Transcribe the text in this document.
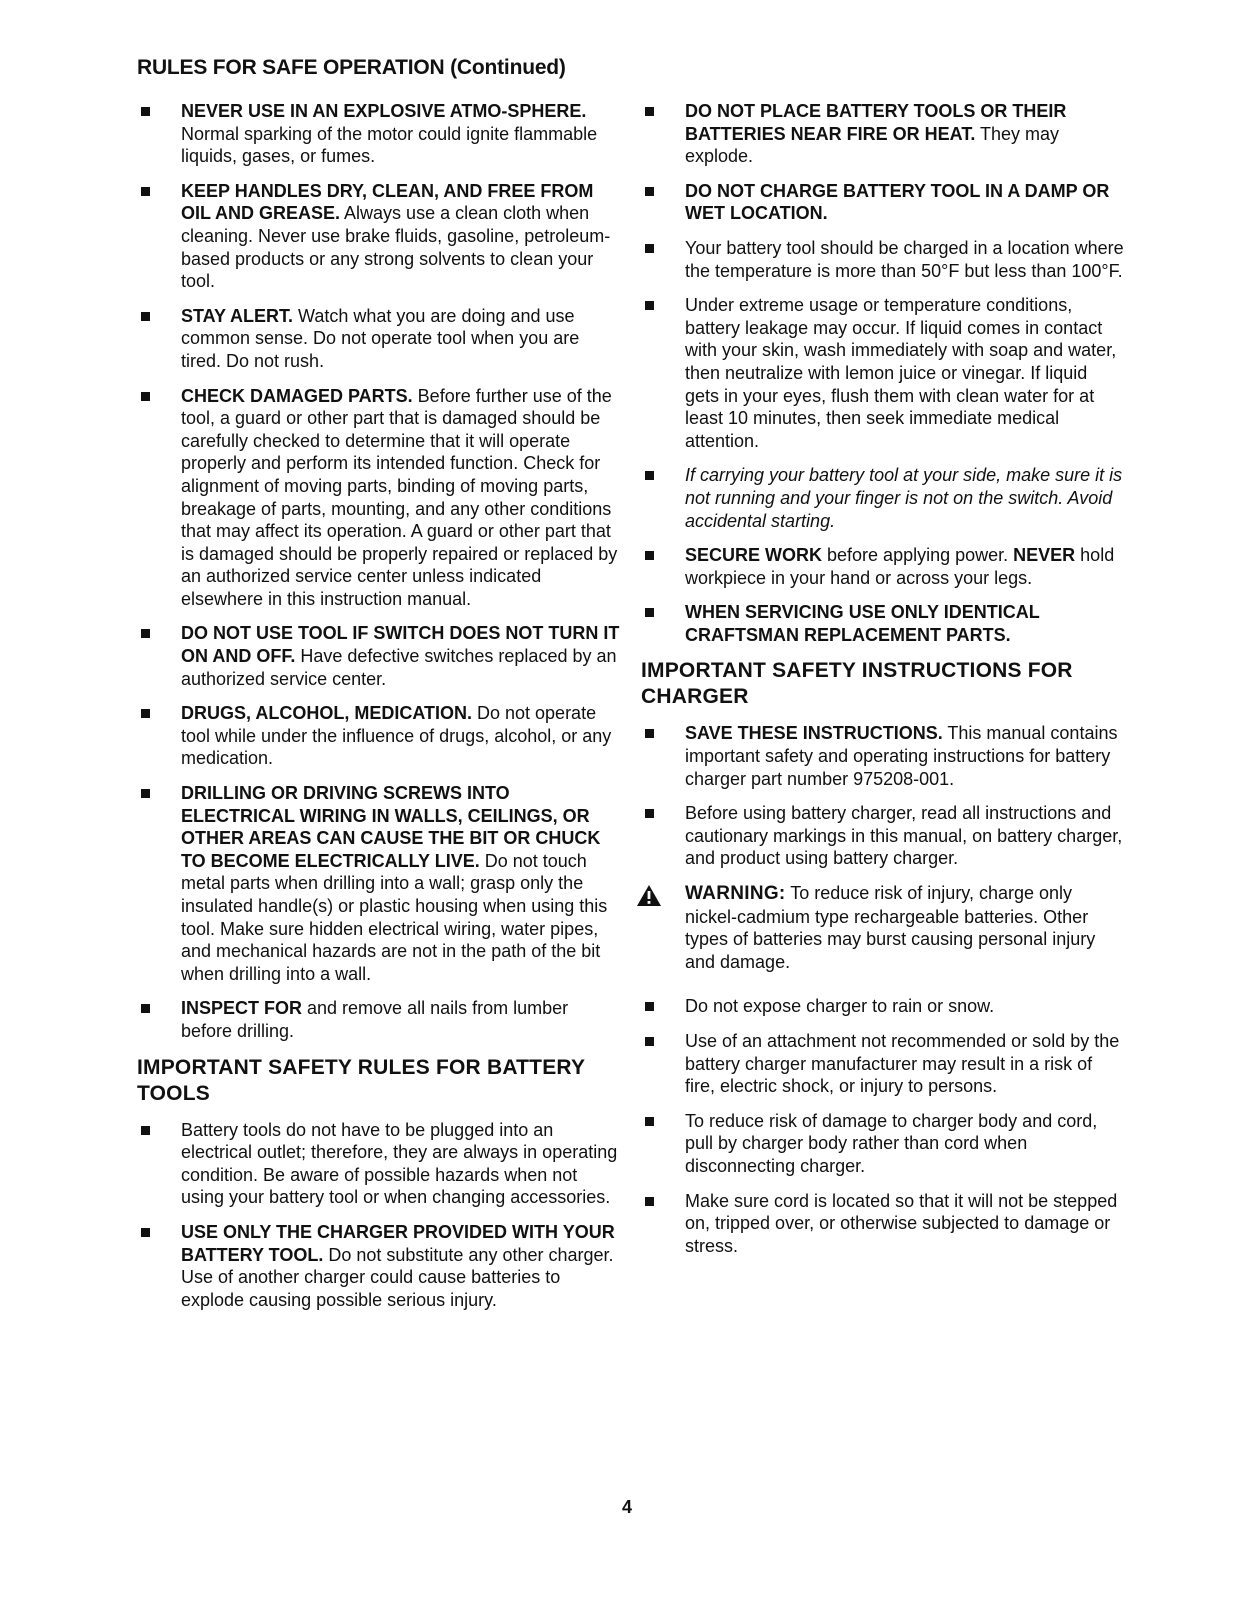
RULES FOR SAFE OPERATION (Continued)
NEVER USE IN AN EXPLOSIVE ATMO-SPHERE. Normal sparking of the motor could ignite flammable liquids, gases, or fumes.
KEEP HANDLES DRY, CLEAN, AND FREE FROM OIL AND GREASE. Always use a clean cloth when cleaning. Never use brake fluids, gasoline, petroleum-based products or any strong solvents to clean your tool.
STAY ALERT. Watch what you are doing and use common sense. Do not operate tool when you are tired. Do not rush.
CHECK DAMAGED PARTS. Before further use of the tool, a guard or other part that is damaged should be carefully checked to determine that it will operate properly and perform its intended function. Check for alignment of moving parts, binding of moving parts, breakage of parts, mounting, and any other conditions that may affect its operation. A guard or other part that is damaged should be properly repaired or replaced by an authorized service center unless indicated elsewhere in this instruction manual.
DO NOT USE TOOL IF SWITCH DOES NOT TURN IT ON AND OFF. Have defective switches replaced by an authorized service center.
DRUGS, ALCOHOL, MEDICATION. Do not operate tool while under the influence of drugs, alcohol, or any medication.
DRILLING OR DRIVING SCREWS INTO ELECTRICAL WIRING IN WALLS, CEILINGS, OR OTHER AREAS CAN CAUSE THE BIT OR CHUCK TO BECOME ELECTRICALLY LIVE. Do not touch metal parts when drilling into a wall; grasp only the insulated handle(s) or plastic housing when using this tool. Make sure hidden electrical wiring, water pipes, and mechanical hazards are not in the path of the bit when drilling into a wall.
INSPECT FOR and remove all nails from lumber before drilling.
IMPORTANT SAFETY RULES FOR BATTERY TOOLS
Battery tools do not have to be plugged into an electrical outlet; therefore, they are always in operating condition. Be aware of possible hazards when not using your battery tool or when changing accessories.
USE ONLY THE CHARGER PROVIDED WITH YOUR BATTERY TOOL. Do not substitute any other charger. Use of another charger could cause batteries to explode causing possible serious injury.
DO NOT PLACE BATTERY TOOLS OR THEIR BATTERIES NEAR FIRE OR HEAT. They may explode.
DO NOT CHARGE BATTERY TOOL IN A DAMP OR WET LOCATION.
Your battery tool should be charged in a location where the temperature is more than 50°F but less than 100°F.
Under extreme usage or temperature conditions, battery leakage may occur. If liquid comes in contact with your skin, wash immediately with soap and water, then neutralize with lemon juice or vinegar. If liquid gets in your eyes, flush them with clean water for at least 10 minutes, then seek immediate medical attention.
If carrying your battery tool at your side, make sure it is not running and your finger is not on the switch. Avoid accidental starting.
SECURE WORK before applying power. NEVER hold workpiece in your hand or across your legs.
WHEN SERVICING USE ONLY IDENTICAL CRAFTSMAN REPLACEMENT PARTS.
IMPORTANT SAFETY INSTRUCTIONS FOR CHARGER
SAVE THESE INSTRUCTIONS. This manual contains important safety and operating instructions for battery charger part number 975208-001.
Before using battery charger, read all instructions and cautionary markings in this manual, on battery charger, and product using battery charger.
WARNING: To reduce risk of injury, charge only nickel-cadmium type rechargeable batteries. Other types of batteries may burst causing personal injury and damage.
Do not expose charger to rain or snow.
Use of an attachment not recommended or sold by the battery charger manufacturer may result in a risk of fire, electric shock, or injury to persons.
To reduce risk of damage to charger body and cord, pull by charger body rather than cord when disconnecting charger.
Make sure cord is located so that it will not be stepped on, tripped over, or otherwise subjected to damage or stress.
4
